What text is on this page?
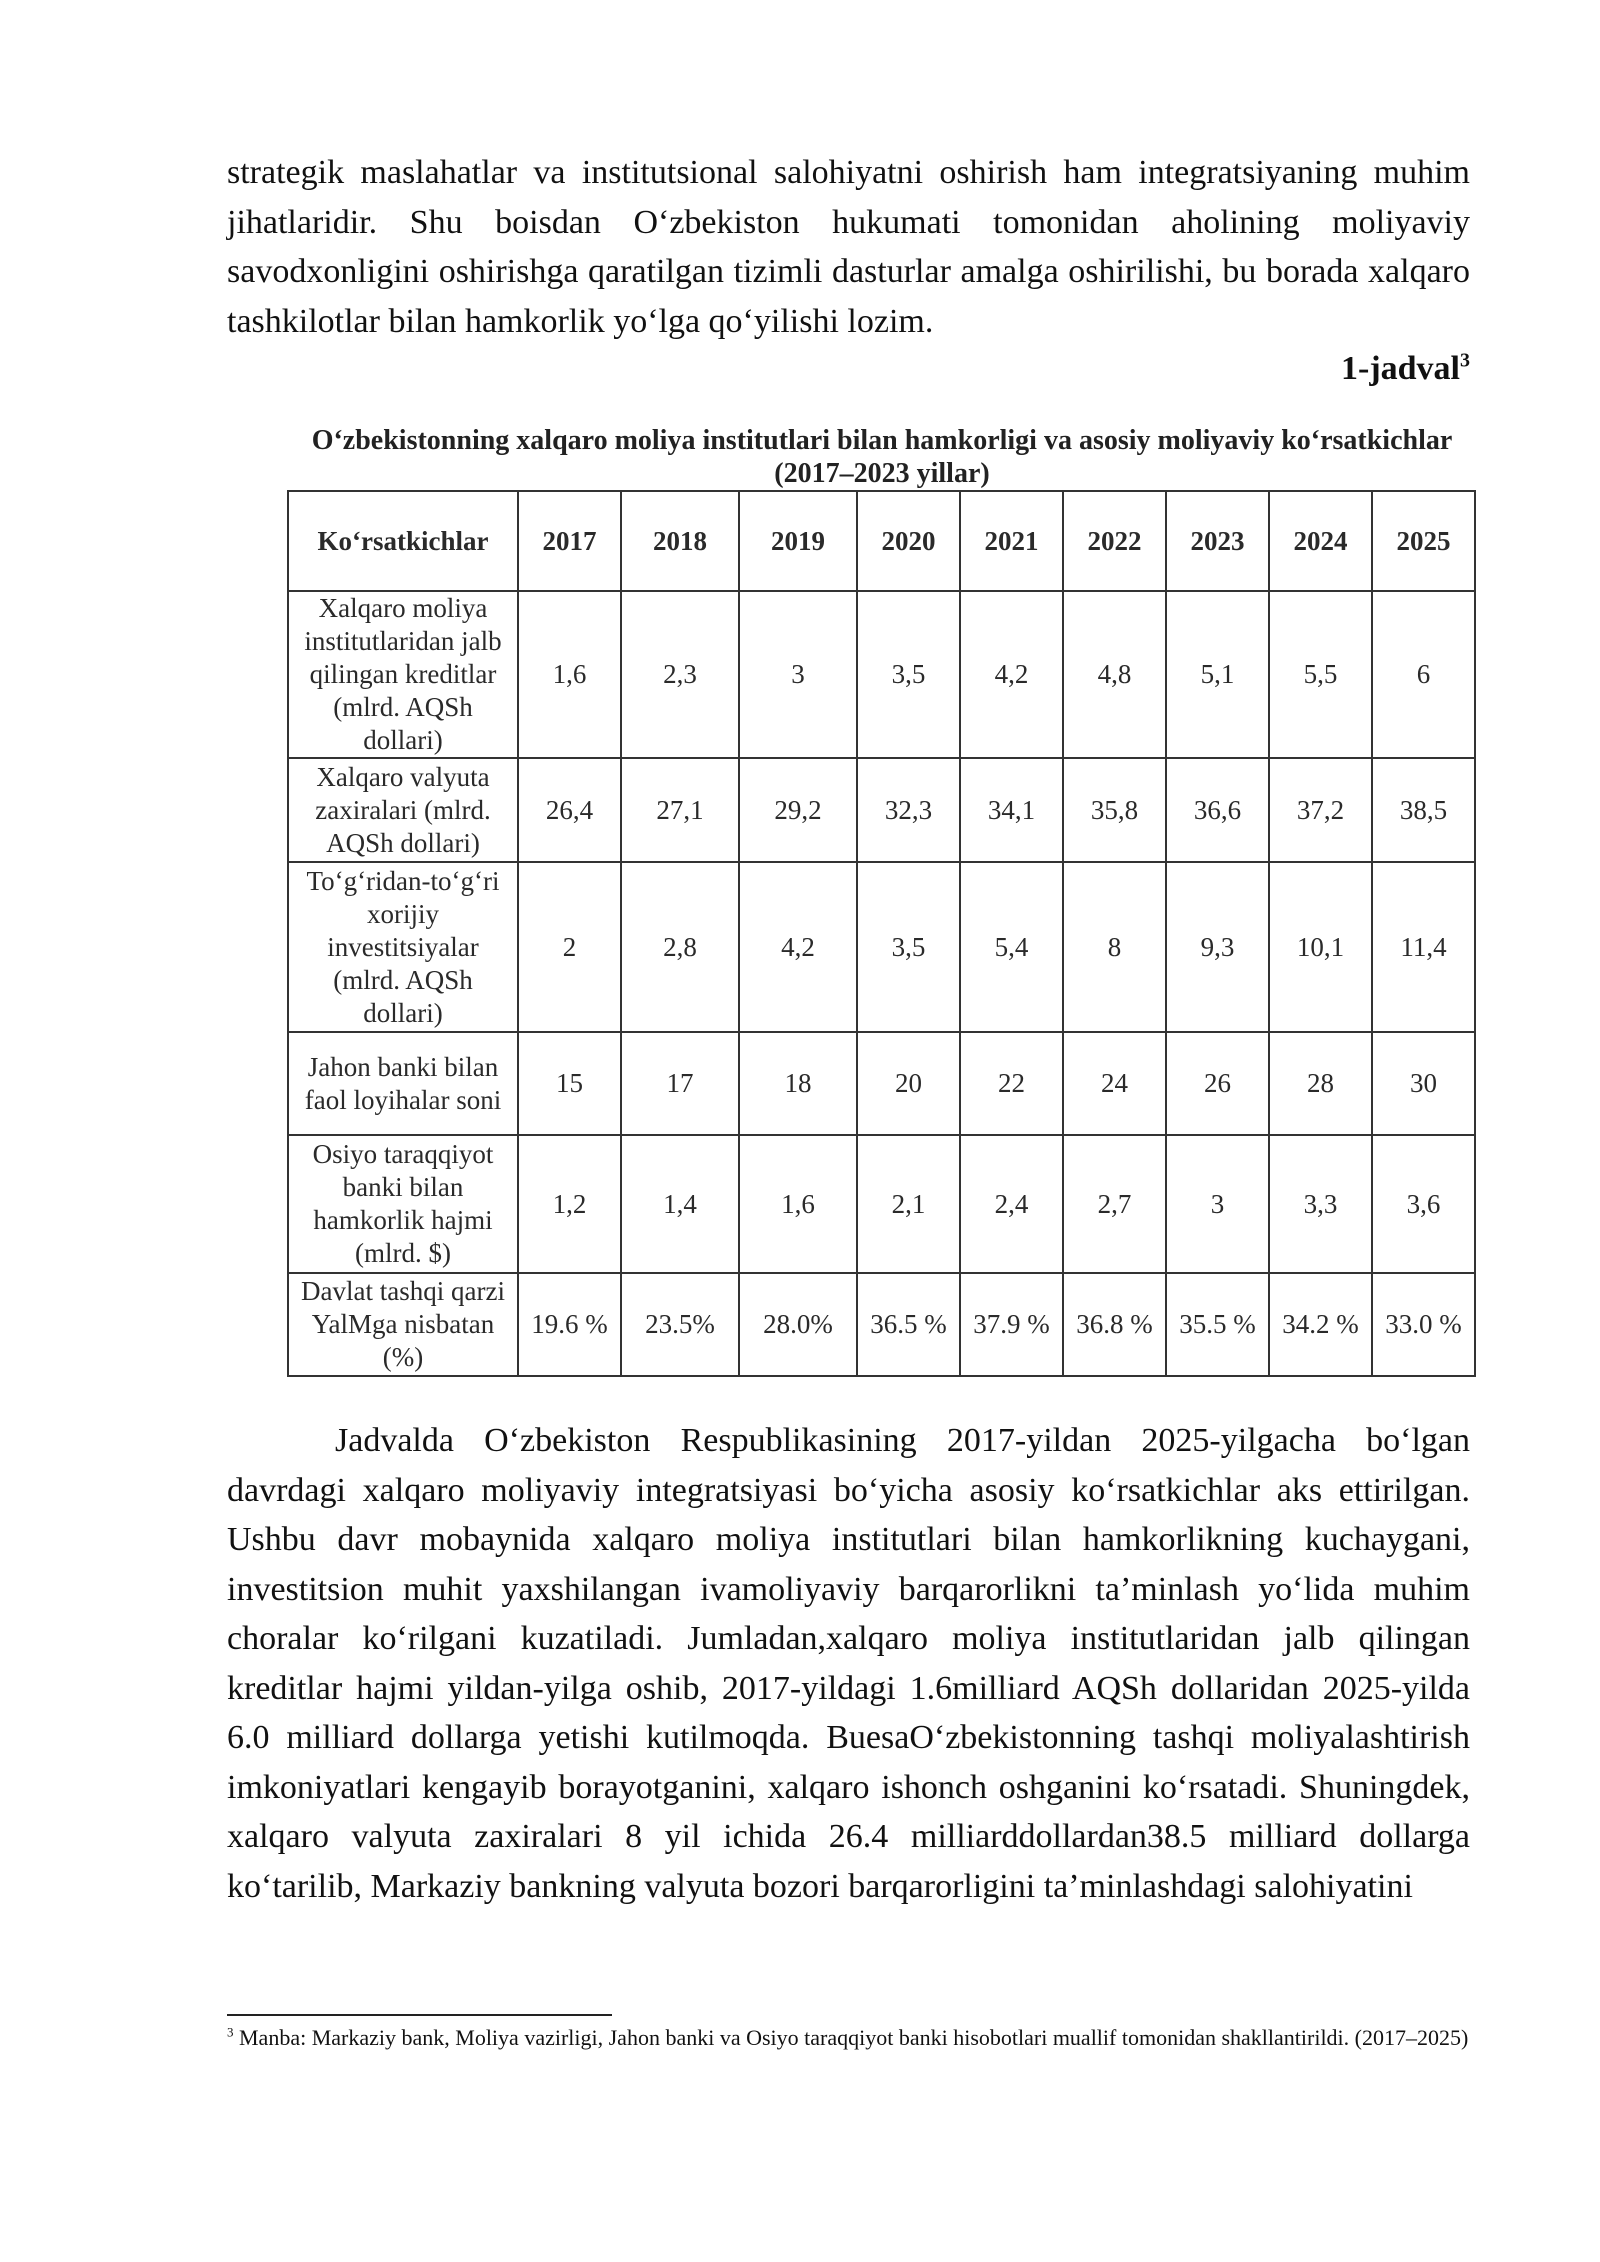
strategik maslahatlar va institutsional salohiyatni oshirish ham integratsiyaning muhim jihatlaridir. Shu boisdan O‘zbekiston hukumati tomonidan aholining moliyaviy savodxonligini oshirishga qaratilgan tizimli dasturlar amalga oshirilishi, bu borada xalqaro tashkilotlar bilan hamkorlik yo‘lga qo‘yilishi lozim.

1-jadval$^3$

O‘zbekistonning xalqaro moliya institutlari bilan hamkorligi va asosiy moliyaviy ko‘rsatkichlar (2017–2023 yillar)

Ko‘rsatkichlar	2017	2018	2019	2020	2021	2022	2023	2024	2025
Xalqaro moliya institutlaridan jalb qilingan kreditlar (mlrd. AQSh dollari)	1,6	2,3	3	3,5	4,2	4,8	5,1	5,5	6
Xalqaro valyuta zaxiralari (mlrd. AQSh dollari)	26,4	27,1	29,2	32,3	34,1	35,8	36,6	37,2	38,5
To‘g‘ridan-to‘g‘ri xorijiy investitsiyalar (mlrd. AQSh dollari)	2	2,8	4,2	3,5	5,4	8	9,3	10,1	11,4
Jahon banki bilan faol loyihalar soni	15	17	18	20	22	24	26	28	30
Osiyo taraqqiyot banki bilan hamkorlik hajmi (mlrd. $)	1,2	1,4	1,6	2,1	2,4	2,7	3	3,3	3,6
Davlat tashqi qarzi YalMga nisbatan (%)	19.6 %	23.5%	28.0%	36.5 %	37.9 %	36.8 %	35.5 %	34.2 %	33.0 %

Jadvalda O‘zbekiston Respublikasining 2017-yildan 2025-yilgacha bo‘lgan davrdagi xalqaro moliyaviy integratsiyasi bo‘yicha asosiy ko‘rsatkichlar aks ettirilgan. Ushbu davr mobaynida xalqaro moliya institutlari bilan hamkorlikning kuchaygani, investitsion muhit yaxshilangan ivamoliyaviy barqarorlikni ta’minlash yo‘lida muhim choralar ko‘rilgani kuzatiladi. Jumladan,xalqaro moliya institutlaridan jalb qilingan kreditlar hajmi yildan-yilga oshib, 2017-yildagi 1.6milliard AQSh dollaridan 2025-yilda 6.0 milliard dollarga yetishi kutilmoqda. BuesaO‘zbekistonning tashqi moliyalashtirish imkoniyatlari kengayib borayotganini, xalqaro ishonch oshganini ko‘rsatadi. Shuningdek, xalqaro valyuta zaxiralari 8 yil ichida 26.4 milliarddollardan38.5 milliard dollarga ko‘tarilib, Markaziy bankning valyuta bozori barqarorligini ta’minlashdagi salohiyatini

$^3$ Manba: Markaziy bank, Moliya vazirligi, Jahon banki va Osiyo taraqqiyot banki hisobotlari muallif tomonidan shakllantirildi. (2017–2025)
